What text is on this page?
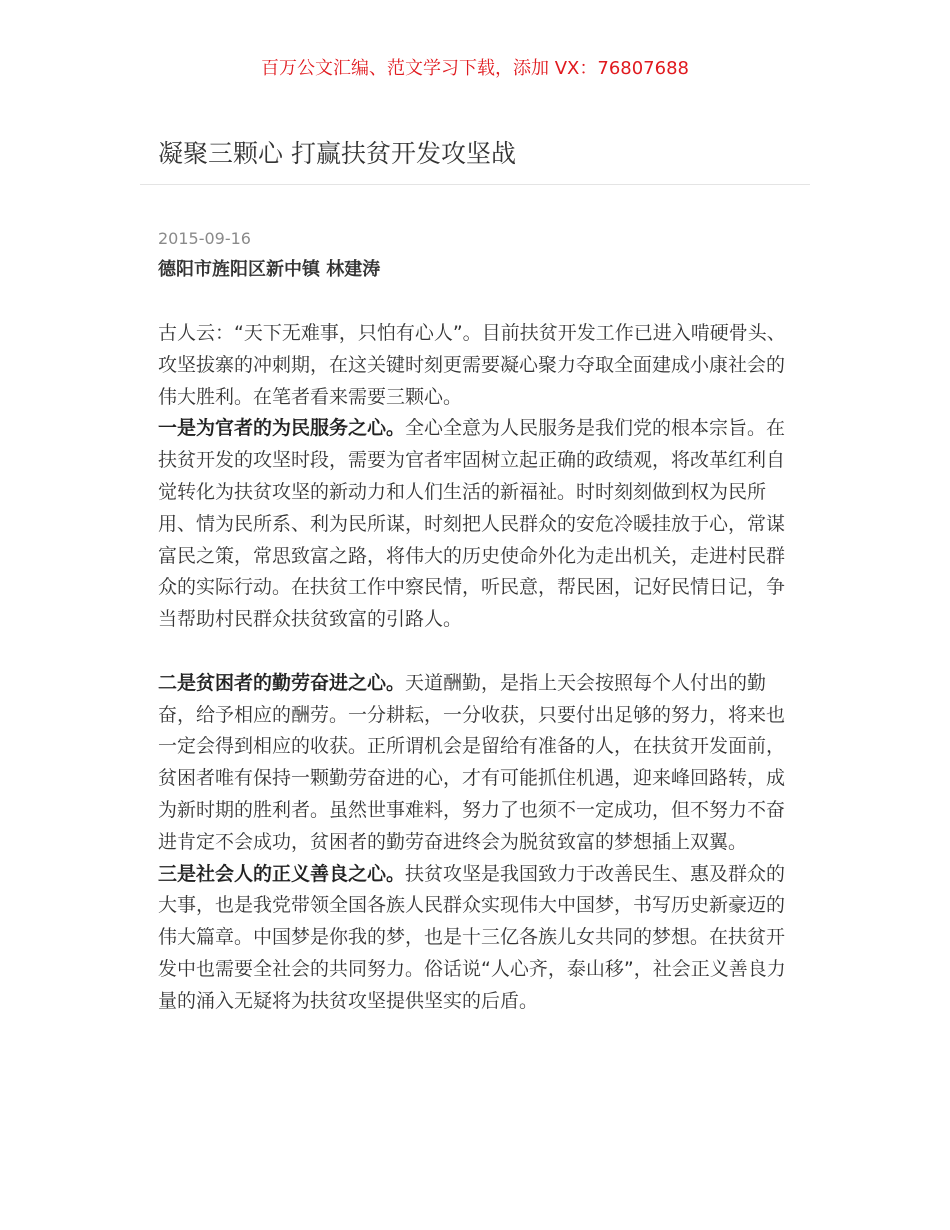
百万公文汇编、范文学习下载，添加 VX：76807688
凝聚三颗心 打赢扶贫开发攻坚战
2015-09-16
德阳市旌阳区新中镇 林建涛

古人云：“天下无难事，只怕有心人”。目前扶贫开发工作已进入啃硬骨头、攻坚拔寨的冲刺期，在这关键时刻更需要凝心聚力夺取全面建成小康社会的伟大胜利。在笔者看来需要三颗心。

一是为官者的为民服务之心。全心全意为人民服务是我们党的根本宗旨。在扶贫开发的攻坚时段，需要为官者牢固树立起正确的政绩观，将改革红利自觉转化为扶贫攻坚的新动力和人们生活的新福祉。时时刻刻做到权为民所用、情为民所系、利为民所谋，时刻把人民群众的安危冷暖挂放于心，常谋富民之策，常思致富之路，将伟大的历史使命外化为走出机关，走进村民群众的实际行动。在扶贫工作中察民情，听民意，帮民困，记好民情日记，争当帮助村民群众扶贫致富的引路人。

二是贫困者的勤劳奋进之心。天道酬勤，是指上天会按照每个人付出的勤奋，给予相应的酬劳。一分耕耘，一分收获，只要付出足够的努力，将来也一定会得到相应的收获。正所谓机会是留给有准备的人，在扶贫开发面前，贫困者唯有保持一颗勤劳奋进的心，才有可能抓住机遇，迎来峰回路转，成为新时期的胜利者。虽然世事难料，努力了也须不一定成功，但不努力不奋进肯定不会成功，贫困者的勤劳奋进终会为脱贫致富的梦想插上双翼。

三是社会人的正义善良之心。扶贫攻坚是我国致力于改善民生、惠及群众的大事，也是我党带领全国各族人民群众实现伟大中国梦，书写历史新豪迈的伟大篇章。中国梦是你我的梦，也是十三亿各族儿女共同的梦想。在扶贫开发中也需要全社会的共同努力。俗话说“人心齐，泰山移”，社会正义善良力量的涌入无疑将为扶贫攻坚提供坚实的后盾。
